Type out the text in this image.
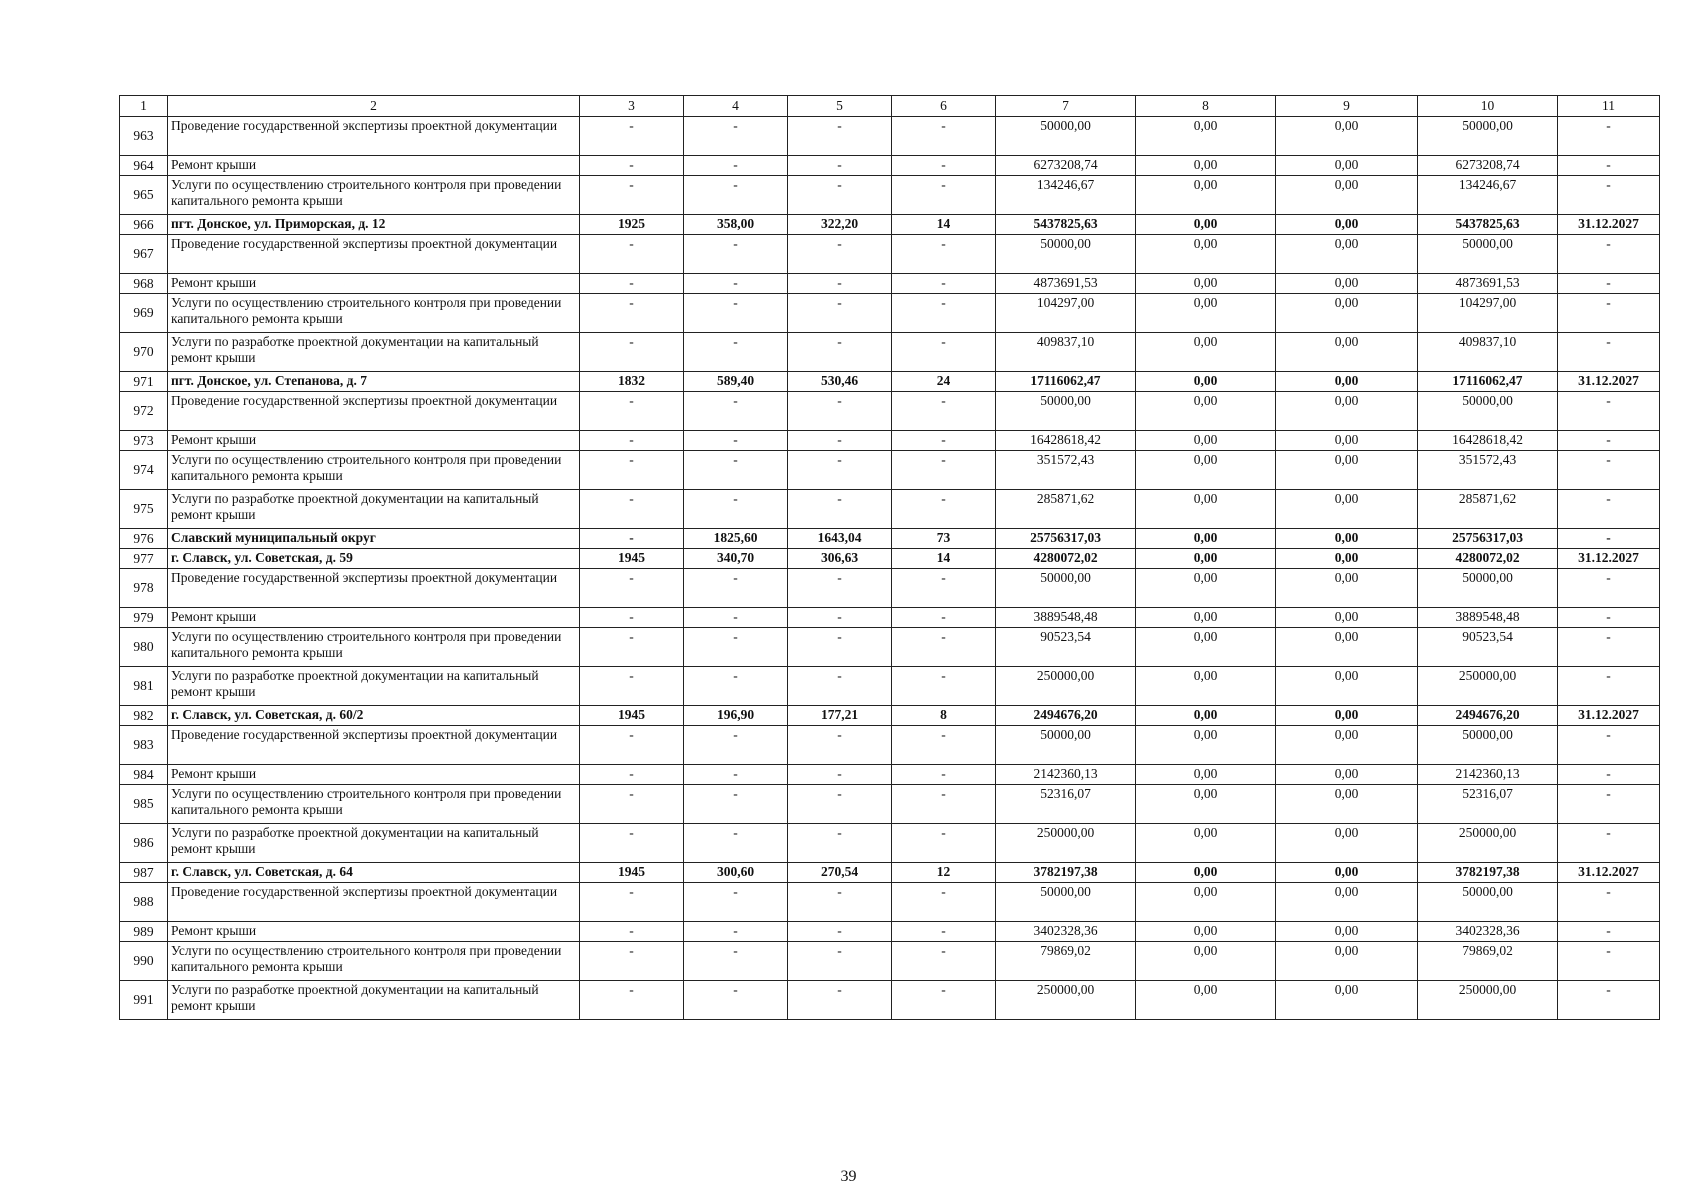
1	2	3	4	5	6	7	8	9	10	11
963	Проведение государственной экспертизы проектной документации	-	-	-	-	50000,00	0,00	0,00	50000,00	-
964	Ремонт крыши	-	-	-	-	6273208,74	0,00	0,00	6273208,74	-
965	Услуги по осуществлению строительного контроля при проведении капитального ремонта крыши	-	-	-	-	134246,67	0,00	0,00	134246,67	-
966	пгт. Донское, ул. Приморская, д. 12	1925	358,00	322,20	14	5437825,63	0,00	0,00	5437825,63	31.12.2027
967	Проведение государственной экспертизы проектной документации	-	-	-	-	50000,00	0,00	0,00	50000,00	-
968	Ремонт крыши	-	-	-	-	4873691,53	0,00	0,00	4873691,53	-
969	Услуги по осуществлению строительного контроля при проведении капитального ремонта крыши	-	-	-	-	104297,00	0,00	0,00	104297,00	-
970	Услуги по разработке проектной документации на капитальный ремонт крыши	-	-	-	-	409837,10	0,00	0,00	409837,10	-
971	пгт. Донское, ул. Степанова, д. 7	1832	589,40	530,46	24	17116062,47	0,00	0,00	17116062,47	31.12.2027
972	Проведение государственной экспертизы проектной документации	-	-	-	-	50000,00	0,00	0,00	50000,00	-
973	Ремонт крыши	-	-	-	-	16428618,42	0,00	0,00	16428618,42	-
974	Услуги по осуществлению строительного контроля при проведении капитального ремонта крыши	-	-	-	-	351572,43	0,00	0,00	351572,43	-
975	Услуги по разработке проектной документации на капитальный ремонт крыши	-	-	-	-	285871,62	0,00	0,00	285871,62	-
976	Славский муниципальный округ	-	1825,60	1643,04	73	25756317,03	0,00	0,00	25756317,03	-
977	г. Славск, ул. Советская, д. 59	1945	340,70	306,63	14	4280072,02	0,00	0,00	4280072,02	31.12.2027
978	Проведение государственной экспертизы проектной документации	-	-	-	-	50000,00	0,00	0,00	50000,00	-
979	Ремонт крыши	-	-	-	-	3889548,48	0,00	0,00	3889548,48	-
980	Услуги по осуществлению строительного контроля при проведении капитального ремонта крыши	-	-	-	-	90523,54	0,00	0,00	90523,54	-
981	Услуги по разработке проектной документации на капитальный ремонт крыши	-	-	-	-	250000,00	0,00	0,00	250000,00	-
982	г. Славск, ул. Советская, д. 60/2	1945	196,90	177,21	8	2494676,20	0,00	0,00	2494676,20	31.12.2027
983	Проведение государственной экспертизы проектной документации	-	-	-	-	50000,00	0,00	0,00	50000,00	-
984	Ремонт крыши	-	-	-	-	2142360,13	0,00	0,00	2142360,13	-
985	Услуги по осуществлению строительного контроля при проведении капитального ремонта крыши	-	-	-	-	52316,07	0,00	0,00	52316,07	-
986	Услуги по разработке проектной документации на капитальный ремонт крыши	-	-	-	-	250000,00	0,00	0,00	250000,00	-
987	г. Славск, ул. Советская, д. 64	1945	300,60	270,54	12	3782197,38	0,00	0,00	3782197,38	31.12.2027
988	Проведение государственной экспертизы проектной документации	-	-	-	-	50000,00	0,00	0,00	50000,00	-
989	Ремонт крыши	-	-	-	-	3402328,36	0,00	0,00	3402328,36	-
990	Услуги по осуществлению строительного контроля при проведении капитального ремонта крыши	-	-	-	-	79869,02	0,00	0,00	79869,02	-
991	Услуги по разработке проектной документации на капитальный ремонт крыши	-	-	-	-	250000,00	0,00	0,00	250000,00	-
39
